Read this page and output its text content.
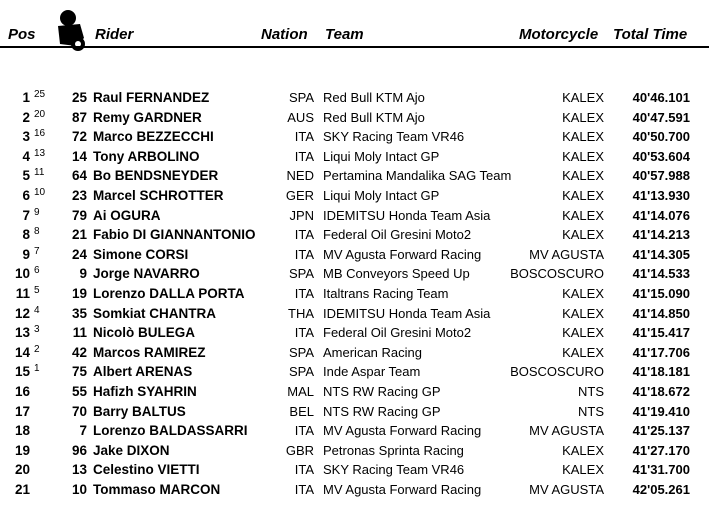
Pos	Rider	Nation Team	Motorcycle Total Time
1 25	25 Raul FERNANDEZ	SPA Red Bull KTM Ajo	KALEX	40'46.101
2 20	87 Remy GARDNER	AUS Red Bull KTM Ajo	KALEX	40'47.591
3 16	72 Marco BEZZECCHI	ITA SKY Racing Team VR46	KALEX	40'50.700
4 13	14 Tony ARBOLINO	ITA Liqui Moly Intact GP	KALEX	40'53.604
5 11	64 Bo BENDSNEYDER	NED Pertamina Mandalika SAG Team	KALEX	40'57.988
6 10	23 Marcel SCHROTTER	GER Liqui Moly Intact GP	KALEX	41'13.930
7 9	79 Ai OGURA	JPN IDEMITSU Honda Team Asia	KALEX	41'14.076
8 8	21 Fabio DI GIANNANTONIO	ITA Federal Oil Gresini Moto2	KALEX	41'14.213
9 7	24 Simone CORSI	ITA MV Agusta Forward Racing	MV AGUSTA	41'14.305
10 6	9 Jorge NAVARRO	SPA MB Conveyors Speed Up	BOSCOSCURO	41'14.533
11 5	19 Lorenzo DALLA PORTA	ITA Italtrans Racing Team	KALEX	41'15.090
12 4	35 Somkiat CHANTRA	THA IDEMITSU Honda Team Asia	KALEX	41'14.850
13 3	11 Nicolò BULEGA	ITA Federal Oil Gresini Moto2	KALEX	41'15.417
14 2	42 Marcos RAMIREZ	SPA American Racing	KALEX	41'17.706
15 1	75 Albert ARENAS	SPA Inde Aspar Team	BOSCOSCURO	41'18.181
16	55 Hafizh SYAHRIN	MAL NTS RW Racing GP	NTS	41'18.672
17	70 Barry BALTUS	BEL NTS RW Racing GP	NTS	41'19.410
18	7 Lorenzo BALDASSARRI	ITA MV Agusta Forward Racing	MV AGUSTA	41'25.137
19	96 Jake DIXON	GBR Petronas Sprinta Racing	KALEX	41'27.170
20	13 Celestino VIETTI	ITA SKY Racing Team VR46	KALEX	41'31.700
21	10 Tommaso MARCON	ITA MV Agusta Forward Racing	MV AGUSTA	42'05.261
